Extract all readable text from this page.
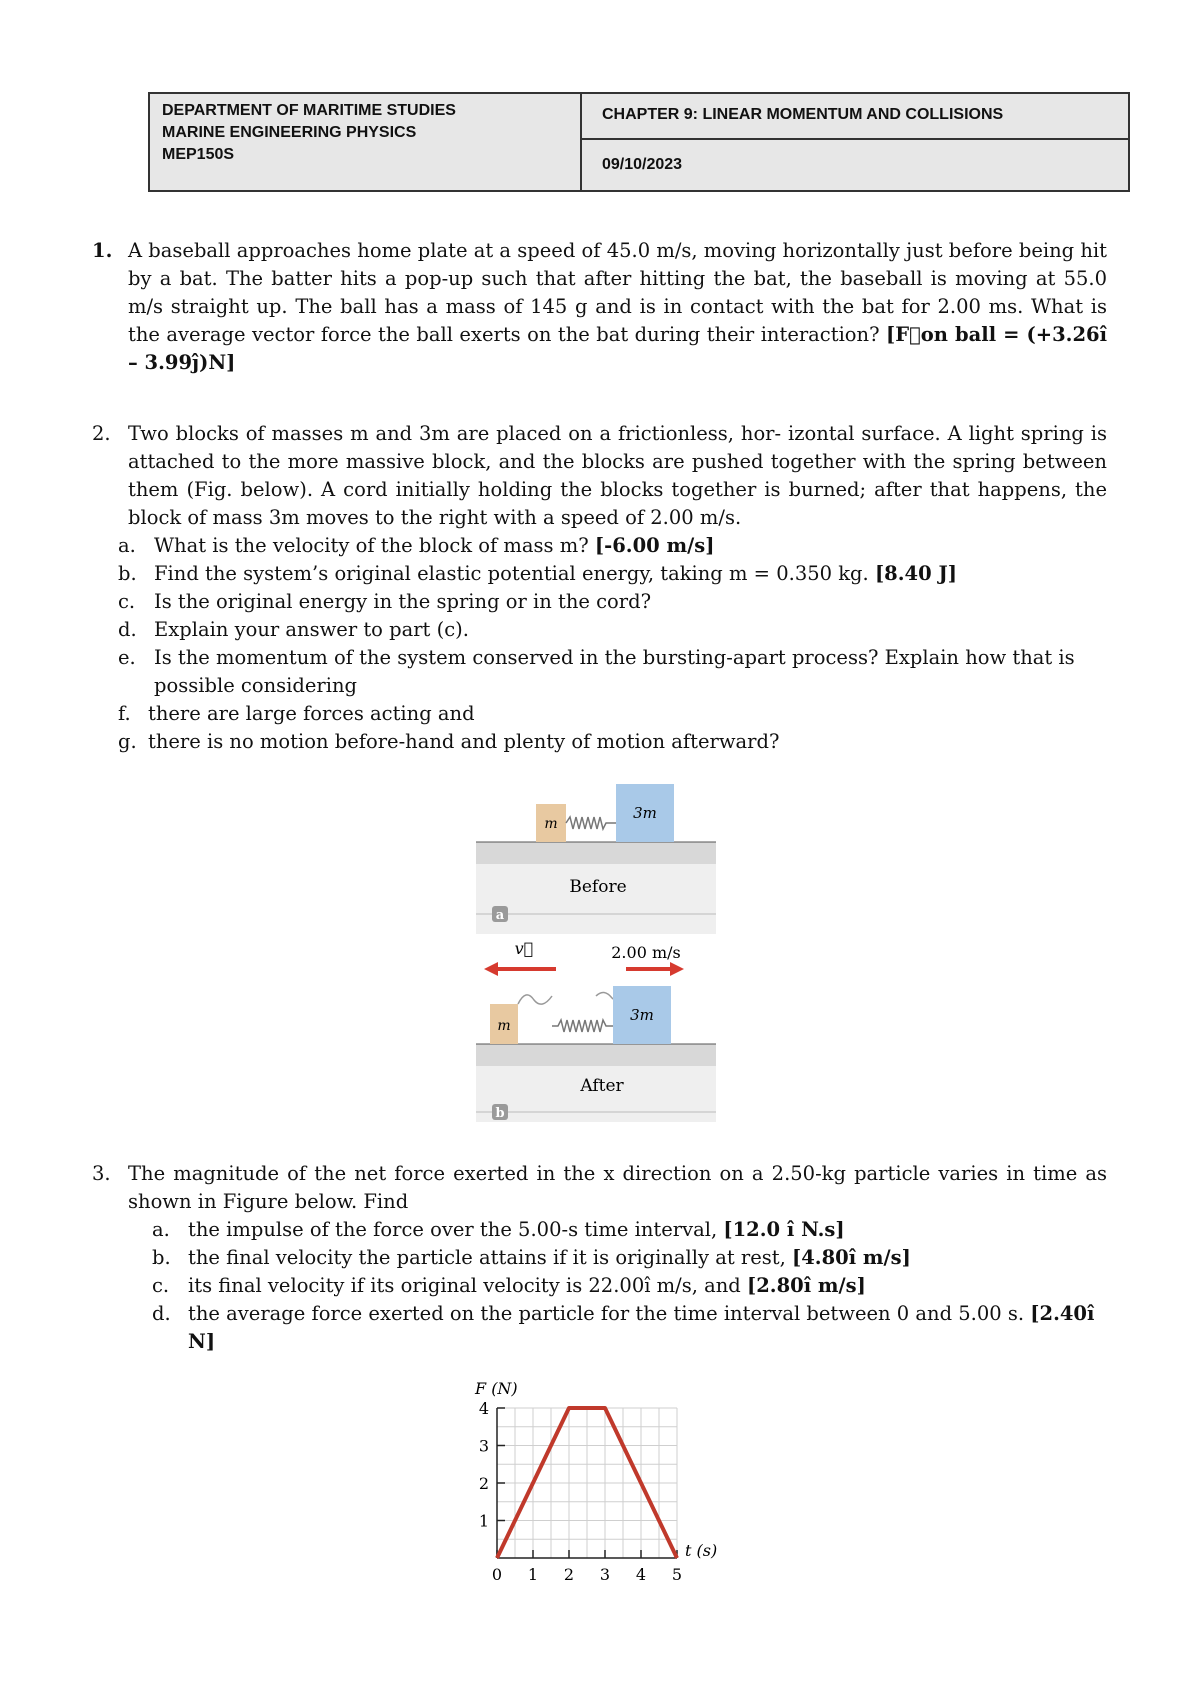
DEPARTMENT OF MARITIME STUDIES
MARINE ENGINEERING PHYSICS
MEP150S
CHAPTER 9: LINEAR MOMENTUM AND COLLISIONS
09/10/2023
1. A baseball approaches home plate at a speed of 45.0 m/s, moving horizontally just before being hit by a bat. The batter hits a pop-up such that after hitting the bat, the baseball is moving at 55.0 m/s straight up. The ball has a mass of 145 g and is in contact with the bat for 2.00 ms. What is the average vector force the ball exerts on the bat during their interaction? [F⃗on ball = (+3.26î – 3.99ĵ)N]
2. Two blocks of masses m and 3m are placed on a frictionless, hor- izontal surface. A light spring is attached to the more massive block, and the blocks are pushed together with the spring between them (Fig. below). A cord initially holding the blocks together is burned; after that happens, the block of mass 3m moves to the right with a speed of 2.00 m/s.
a. What is the velocity of the block of mass m? [-6.00 m/s]
b. Find the system’s original elastic potential energy, taking m = 0.350 kg. [8.40 J]
c. Is the original energy in the spring or in the cord?
d. Explain your answer to part (c).
e. Is the momentum of the system conserved in the bursting-apart process? Explain how that is possible considering
f. there are large forces acting and
g. there is no motion before-hand and plenty of motion afterward?
m
3m
Before
a
v⃗	2.00 m/s
m
3m
After
b
3. The magnitude of the net force exerted in the x direction on a 2.50-kg particle varies in time as shown in Figure below. Find
a. the impulse of the force over the 5.00-s time interval, [12.0 î N.s]
b. the final velocity the particle attains if it is originally at rest, [4.80î m/s]
c. its final velocity if its original velocity is 22.00î m/s, and [2.80î m/s]
d. the average force exerted on the particle for the time interval between 0 and 5.00 s. [2.40î N]
0 1 2 3 4 5
1
2
3
4
F (N)
t (s)
